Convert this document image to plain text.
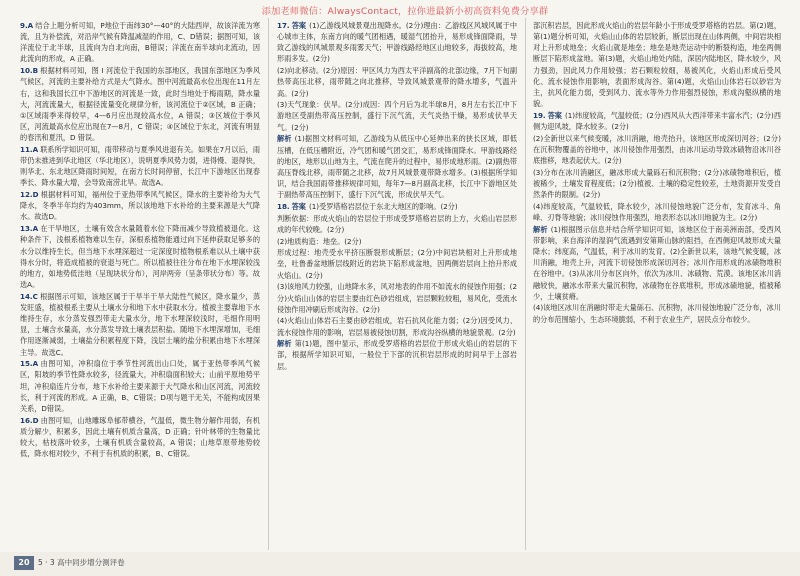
添加老师微信：AlwaysContact，拉你进最新小初高资料免费分享群

9.A 结合上题分析可知，P地位于南纬30°—40°的大陆西岸，故该洋流为寒流，且为补偿流，对沿岸气候有降温减湿的作用，C、D错误；据图可知，该洋流位于北半球，且流向为自北向南，B错误；洋流在南半球向北流动，因此流向的形成，A 正确。

10.B 根据材料可知，图 I 河流位于我国的东部地区，我国东部地区为季风气候区，河流的主要补给方式是大气降水。图中河流最高水位出现在11月左右，这和我国长江中下游地区的河流是一致，此时当地处于梅雨期，降水量大，河流流量大，根据径流量变化规律分析，该河流位于②区域，B 正确；①区域雨季来得较早，4—6月应出现较高水位，A 错误；③区域位于季风区，河流最高水位应出现在7—8月，C 错误；④区域位于东北，河流有明显的春汛和夏汛，D 错误。

11.A 联系所学知识可知，雨带移动与夏季风进退有关。如果在7月以后，雨带仍未推进到华北地区（华北地区），说明夏季风势力弱，进得慢、退得快，则华北、东北地区降雨时间短，在南方长时间停留，长江中下游地区出现春季长、降水量大增，会导致南涝北旱。故选A。

12.D 根据材料可知，福州位于亚热带季风气候区，降水的主要补给为大气降水，冬季半年均约为403mm，所以该地地下水补给的主要来源是大气降水。故选D。

13.A 在干旱地区，土壤有效含水量随着水位下降而减少导致植被退化。这种条件下，浅根系植物难以生存，深根系植物能通过向下延伸获取足够多的水分以维持生长，但当地下水埋深超过一定深度时植物根系难以从土壤中获得水分时，将造成植被的衰退与死亡。所以植被往往分布在地下水埋深较浅的地方，如地势低洼地（呈现块状分布），河岸两旁（呈条带状分布）等。故选A。

14.C 根据图示可知，该地区属于干旱半干旱大陆性气候区，降水量少，蒸发旺盛，植被根系主要从土壤水分和地下水中获取水分。植被主要靠地下水维持生存，水分蒸发强烈带走大量水分，地下水埋深较浅时，毛细作用明显，土壤含水量高，水分蒸发导致土壤表层积盐。随地下水埋深增加，毛细作用逐渐减弱，土壤盐分积累程度下降，浅层土壤的盐分积累由地下水埋深主导。故选C。

15.A 由图可知，冲积扇位于季节性河流出山口处，属于亚热带季风气候区，阳坡的季节性降水较多，径流量大，冲积扇面积较大；山前平原地势平坦，冲积扇连片分布，地下水补给主要来源于大气降水和山区河流，河流较长，利于河流的形成。A 正确，B、C错误；D项与题干无关，不能构成因果关系，D错误。

16.D 由图可知，山地雕琢阜郁带横谷，气温低，微生物分解作用弱，有机质分解少，积累多，因此土壤有机质含量高，D 正确；针叶林带的生物量比较大，枯枝落叶较多，土壤有机质含量较高，A 错误；山地草原带地势较低，降水相对较少，不利于有机质的积累，B、C错误。

17. 答案 (1)乙游线风城景观出现降水。(2分)理由：乙游线区风城风属于中心城市主体，东南方向的暖气团相遇，暖湿气团抬升，易形成锋面降雨，导致乙游线的风城景观多雨雾天气；甲游线路经地区山地较多，海拔较高，地形雨多发。(2分)

(2)向北移动。(2分)原因：甲区风力为西太平洋副高的北部边缘，7月下旬副热带高压北移，雨带随之向北推移，导致风城景观带的降水增多，气温升高。(2分)

(3)天气现象：伏旱。(2分)成因：四个月后为北半球8月，8月左右长江中下游地区受副热带高压控制，盛行下沉气流，天气炎热干燥，易形成伏旱天气。(2分)

解析 (1)据图文材料可知，乙游线为从低压中心延伸出来的狭长区域，即低压槽，在低压槽附近，冷气团和暖气团交汇，易形成锋面降水。甲游线路经的地区，地形以山地为主，气流在爬升的过程中，易形成地形雨。(2)副热带高压脊线北移，雨带随之北移，故7月风城景观带降水增多。(3)根据所学知识，结合我国雨带推移规律可知，每年7—8月副高北移，长江中下游地区处于副热带高压控制下，盛行下沉气流，形成伏旱天气。

18. 答案 (1)受罗塔格岩层位于东北大地区的影响。(2分)

判断依据：形成火焰山的岩层位于形成受罗塔格岩层的上方，火焰山岩层形成的年代较晚。(2分)

(2)地质构造：地垒。(2分)

形成过程：地壳受水平挤压断裂形成断层；(2分)中间岩块相对上升形成地垒，吐鲁番盆地断层线附近的岩块下陷形成盆地，因两侧岩层向上抬升形成火焰山。(2分)

(3)该地风力较强，山地降水多，风对地表的作用不如流水的侵蚀作用强；(2分)火焰山山体的岩层主要由红色砂岩组成，岩层颗粒较粗，易风化，受流水侵蚀作用冲刷后形成沟谷。(2分)

(4)火焰山山体岩石主要由砂岩组成，岩石抗风化能力弱；(2分)因受风力、流水侵蚀作用的影响，岩层易被侵蚀切割，形成沟谷纵横的地貌景观。(2分)

解析 第(1)题，图中显示，形成受罗塔格的岩层位于形成火焰山的岩层的下部，根据所学知识可知，一般位于下部的沉积岩层形成的时间早于上部岩层。

部沉积岩层，因此形成火焰山的岩层年龄小于形成受罗塔格的岩层。第(2)题，第(1)题分析可知，火焰山山体的岩层较新，断层出现在山体两侧，中间岩块相对上升形成地垒；火焰山就是地垒；地垒是地壳运动中的断裂构造，地垒两侧断层下陷形成盆地。第(3)题，火焰山地处内陆，深居内陆地区，降水较少，风力强劲，因此风力作用较强；岩石颗粒较细，易被风化，火焰山形成后受风化、流水侵蚀作用影响，表面形成沟谷。第(4)题，火焰山山体岩石以砂岩为主，抗风化能力弱，受到风力、流水等外力作用强烈侵蚀，形成沟壑纵横的地貌。

19. 答案 (1)纬度较高，气温较低；(2分)西风从大西洋带来丰富水汽；(2分)西侧为迎风坡，降水较多。(2分)

(2)全新世以来气候变暖，冰川消融，地壳抬升，该地区形成深切河谷；(2分)在沉积物覆盖的谷地中，冰川侵蚀作用强烈，由冰川运动导致冰碛物沿冰川谷底推移，地表起伏大。(2分)

(3)分布在冰川消融区，融冰形成大量砾石和沉积物；(2分)冰碛物堆积后，植被稀少，土壤发育程度低；(2分)植被、土壤的稳定性较差，土地资源开发受自然条件的限制。(2分)

(4)纬度较高，气温较低，降水较少，冰川侵蚀地貌广泛分布，发育冰斗、角峰、刃脊等地貌；冰川侵蚀作用强烈，地表形态以冰川地貌为主。(2分)

解析 (1)根据图示信息并结合所学知识可知，该地区位于南美洲南部，受西风带影响，来自海洋的湿润气流遇到安第斯山脉的阻挡，在西侧迎风坡形成大量降水；纬度高，气温低，利于冰川的发育。(2)全新世以来，该地气候变暖，冰川消融，地壳上升，河流下切侵蚀形成深切河谷；冰川作用形成的冰碛物堆积在谷地中。(3)从冰川分布区向外，依次为冰川、冰碛物、荒漠。该地区冰川消融较快，融冰水带来大量沉积物，冰碛物在谷底堆积，形成冰碛地貌，植被稀少，土壤贫瘠。

(4)该地区冰川在消融时带走大量砾石、沉积物，冰川侵蚀地貌广泛分布，冰川的分布范围缩小，生态环境脆弱，不利于农业生产，居民点分布较少。

20	5 · 3 高中同步增分测评卷
